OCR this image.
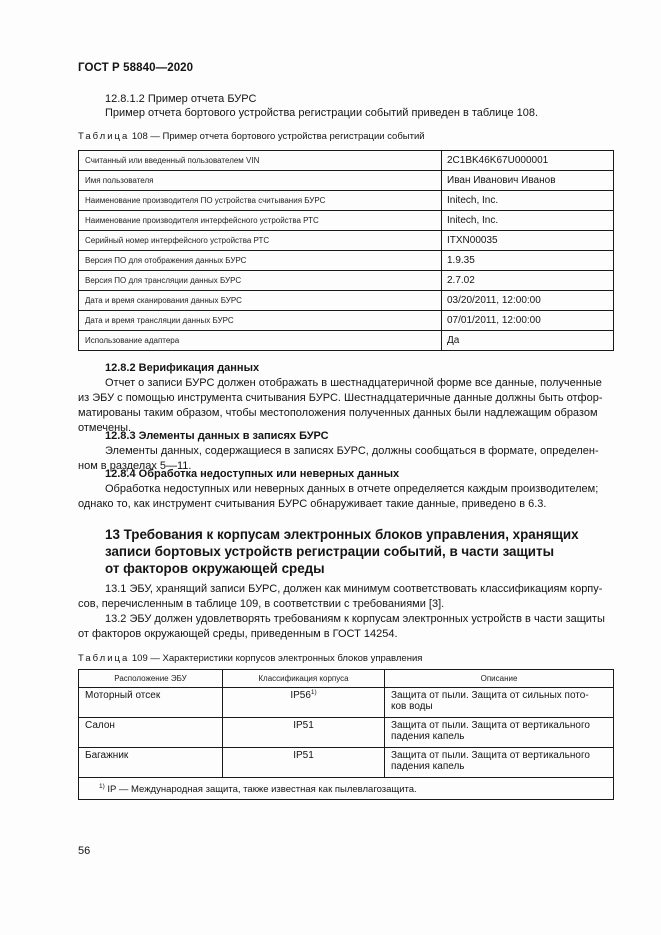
ГОСТ Р 58840—2020
12.8.1.2 Пример отчета БУРС
Пример отчета бортового устройства регистрации событий приведен в таблице 108.
Таблица 108 — Пример отчета бортового устройства регистрации событий
Считанный или введенный пользователем VIN	2С1ВK46K67U000001
Имя пользователя	Иван Иванович Иванов
Наименование производителя ПО устройства считывания БУРС	Initech, Inc.
Наименование производителя интерфейсного устройства РТС	Initech, Inc.
Серийный номер интерфейсного устройства РТС	ITXN00035
Версия ПО для отображения данных БУРС	1.9.35
Версия ПО для трансляции данных БУРС	2.7.02
Дата и время сканирования данных БУРС	03/20/2011, 12:00:00
Дата и время трансляции данных БУРС	07/01/2011, 12:00:00
Использование адаптера	Да
12.8.2 Верификация данных
Отчет о записи БУРС должен отображать в шестнадцатеричной форме все данные, полученные
из ЭБУ с помощью инструмента считывания БУРС. Шестнадцатеричные данные должны быть отфор-
матированы таким образом, чтобы местоположения полученных данных были надлежащим образом
отмечены.
12.8.3 Элементы данных в записях БУРС
Элементы данных, содержащиеся в записях БУРС, должны сообщаться в формате, определен-
ном в разделах 5—11.
12.8.4 Обработка недоступных или неверных данных
Обработка недоступных или неверных данных в отчете определяется каждым производителем;
однако то, как инструмент считывания БУРС обнаруживает такие данные, приведено в 6.3.
13 Требования к корпусам электронных блоков управления, хранящих
записи бортовых устройств регистрации событий, в части защиты
от факторов окружающей среды
13.1 ЭБУ, хранящий записи БУРС, должен как минимум соответствовать классификациям корпу-
сов, перечисленным в таблице 109, в соответствии с требованиями [3].
13.2 ЭБУ должен удовлетворять требованиям к корпусам электронных устройств в части защиты
от факторов окружающей среды, приведенным в ГОСТ 14254.
Таблица 109 — Характеристики корпусов электронных блоков управления
Расположение ЭБУ	Классификация корпуса	Описание
Моторный отсек	IP56$^{1)}$	Защита от пыли. Защита от сильных пото-
ков воды

Салон	IP51	Защита от пыли. Защита от вертикального
падения капель

Багажник	IP51	Защита от пыли. Защита от вертикального
падения капель

$^{1)}$ IP — Международная защита, также известная как пылевлагозащита.		
56
